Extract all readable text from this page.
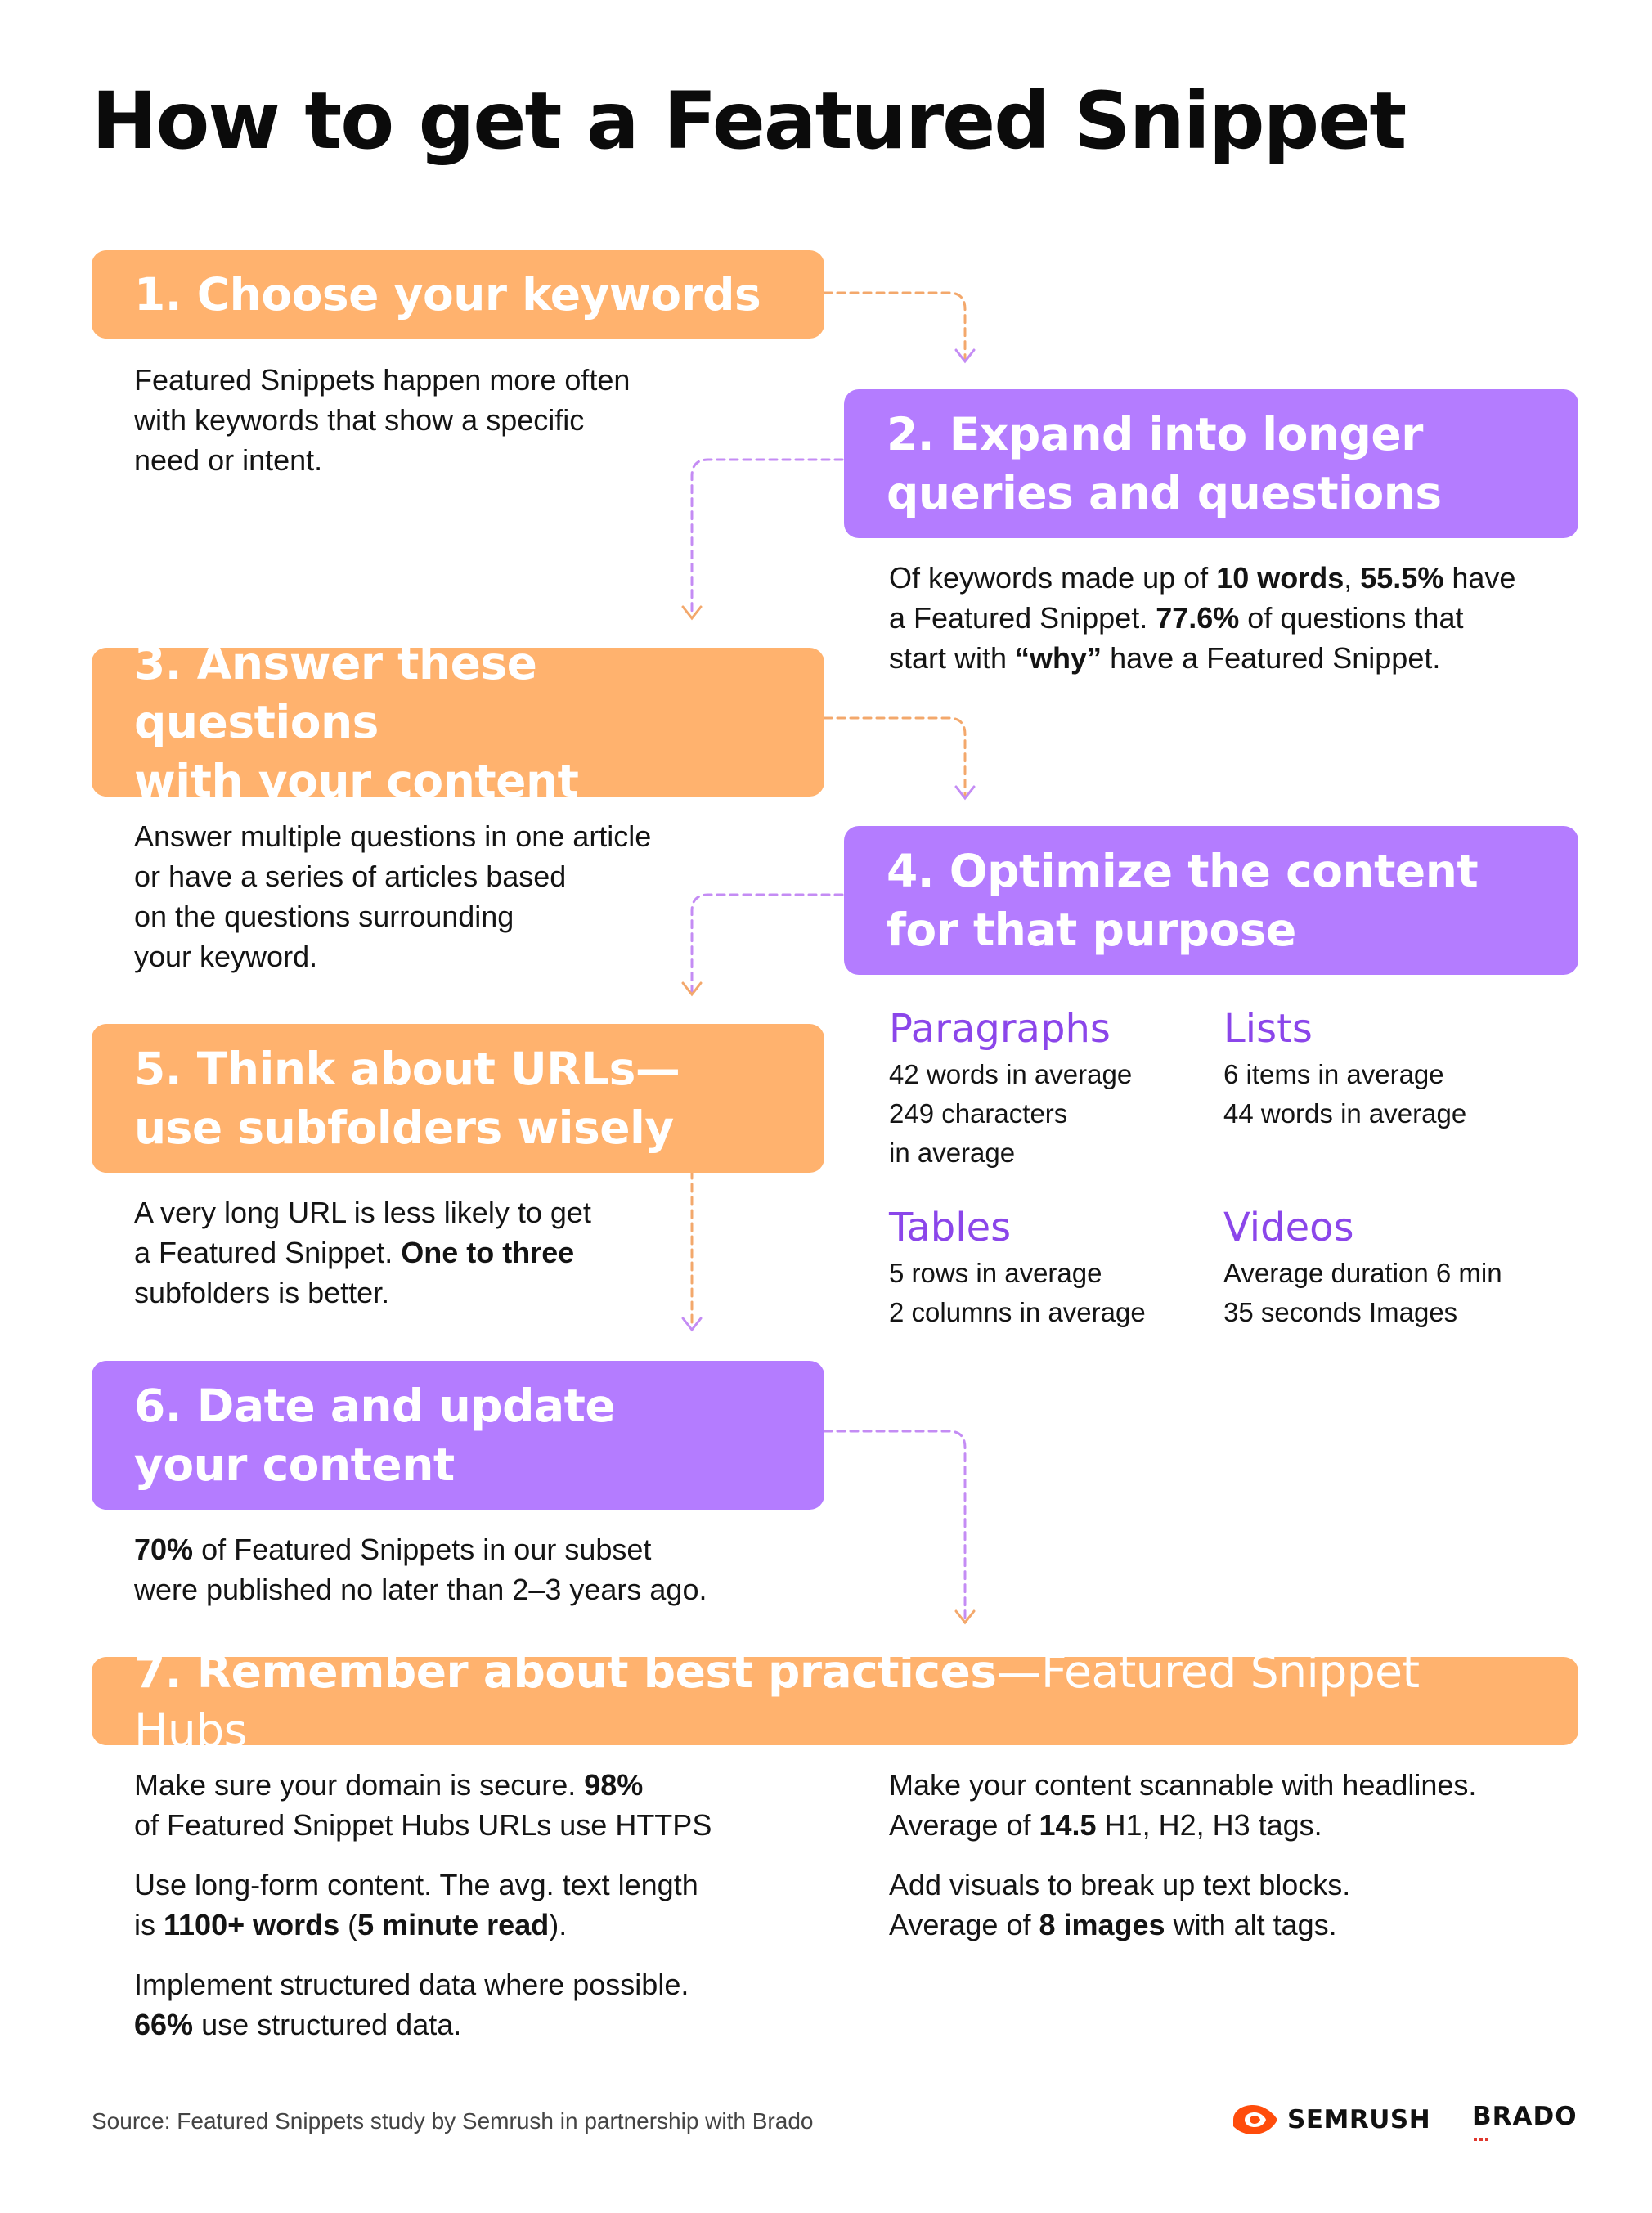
How to get a Featured Snippet
1. Choose your keywords
Featured Snippets happen more often
with keywords that show a specific
need or intent.	2. Expand into longer
queries and questions
Of keywords made up of 10 words, 55.5% have
a Featured Snippet. 77.6% of questions that
start with “why” have a Featured Snippet.
3. Answer these questions
with your content
Answer multiple questions in one article
or have a series of articles based
on the questions surrounding
your keyword.
4. Optimize the content
for that purpose
Paragraphs
42 words in average
249 characters
in average
Lists
6 items in average
44 words in average
Tables
5 rows in average
2 columns in average
Videos
Average duration 6 min
35 seconds Images
5. Think about URLs—
use subfolders wisely
A very long URL is less likely to get
a Featured Snippet. One to three
subfolders is better.
6. Date and update
your content
70% of Featured Snippets in our subset
were published no later than 2–3 years ago.
7. Remember about best practices—Featured Snippet Hubs
Make sure your domain is secure. 98%
of Featured Snippet Hubs URLs use HTTPS
Use long-form content. The avg. text length
is 1100+ words (5 minute read).
Implement structured data where possible.
66% use structured data.
Make your content scannable with headlines.
Average of 14.5 H1, H2, H3 tags.
Add visuals to break up text blocks.
Average of 8 images with alt tags.
Source: Featured Snippets study by Semrush in partnership with Brado	SEMRUSH BRADO
